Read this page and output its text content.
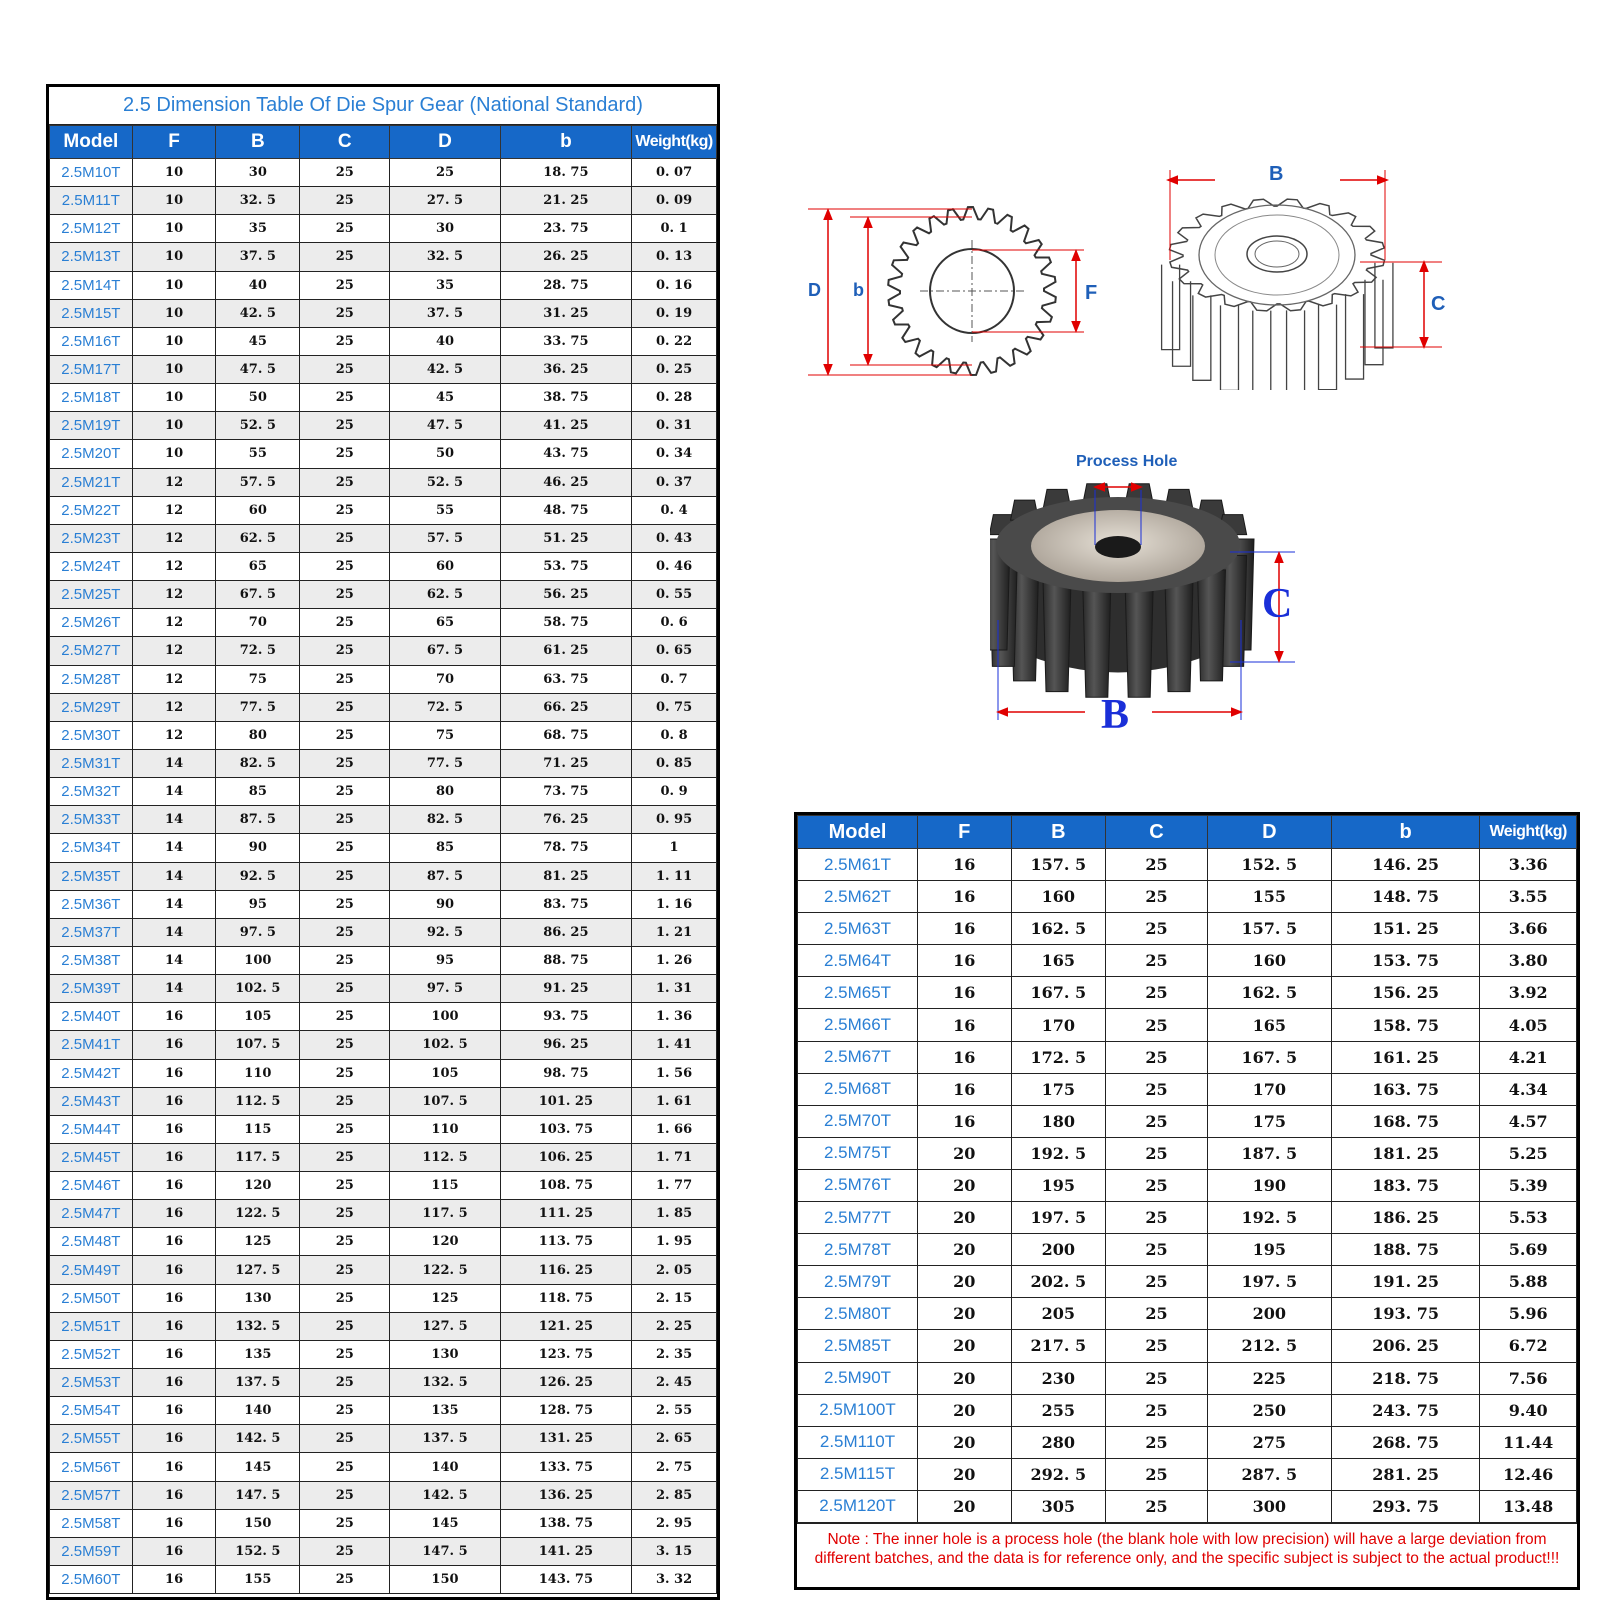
2.5 Dimension Table Of Die Spur Gear (National Standard)
Model	F	B	C	D	b	Weight(kg)
2.5M10T	10	30	25	25	18. 75	0. 07
2.5M11T	10	32. 5	25	27. 5	21. 25	0. 09
2.5M12T	10	35	25	30	23. 75	0. 1
2.5M13T	10	37. 5	25	32. 5	26. 25	0. 13
2.5M14T	10	40	25	35	28. 75	0. 16
2.5M15T	10	42. 5	25	37. 5	31. 25	0. 19
2.5M16T	10	45	25	40	33. 75	0. 22
2.5M17T	10	47. 5	25	42. 5	36. 25	0. 25
2.5M18T	10	50	25	45	38. 75	0. 28
2.5M19T	10	52. 5	25	47. 5	41. 25	0. 31
2.5M20T	10	55	25	50	43. 75	0. 34
2.5M21T	12	57. 5	25	52. 5	46. 25	0. 37
2.5M22T	12	60	25	55	48. 75	0. 4
2.5M23T	12	62. 5	25	57. 5	51. 25	0. 43
2.5M24T	12	65	25	60	53. 75	0. 46
2.5M25T	12	67. 5	25	62. 5	56. 25	0. 55
2.5M26T	12	70	25	65	58. 75	0. 6
2.5M27T	12	72. 5	25	67. 5	61. 25	0. 65
2.5M28T	12	75	25	70	63. 75	0. 7
2.5M29T	12	77. 5	25	72. 5	66. 25	0. 75
2.5M30T	12	80	25	75	68. 75	0. 8
2.5M31T	14	82. 5	25	77. 5	71. 25	0. 85
2.5M32T	14	85	25	80	73. 75	0. 9
2.5M33T	14	87. 5	25	82. 5	76. 25	0. 95
2.5M34T	14	90	25	85	78. 75	1
2.5M35T	14	92. 5	25	87. 5	81. 25	1. 11
2.5M36T	14	95	25	90	83. 75	1. 16
2.5M37T	14	97. 5	25	92. 5	86. 25	1. 21
2.5M38T	14	100	25	95	88. 75	1. 26
2.5M39T	14	102. 5	25	97. 5	91. 25	1. 31
2.5M40T	16	105	25	100	93. 75	1. 36
2.5M41T	16	107. 5	25	102. 5	96. 25	1. 41
2.5M42T	16	110	25	105	98. 75	1. 56
2.5M43T	16	112. 5	25	107. 5	101. 25	1. 61
2.5M44T	16	115	25	110	103. 75	1. 66
2.5M45T	16	117. 5	25	112. 5	106. 25	1. 71
2.5M46T	16	120	25	115	108. 75	1. 77
2.5M47T	16	122. 5	25	117. 5	111. 25	1. 85
2.5M48T	16	125	25	120	113. 75	1. 95
2.5M49T	16	127. 5	25	122. 5	116. 25	2. 05
2.5M50T	16	130	25	125	118. 75	2. 15
2.5M51T	16	132. 5	25	127. 5	121. 25	2. 25
2.5M52T	16	135	25	130	123. 75	2. 35
2.5M53T	16	137. 5	25	132. 5	126. 25	2. 45
2.5M54T	16	140	25	135	128. 75	2. 55
2.5M55T	16	142. 5	25	137. 5	131. 25	2. 65
2.5M56T	16	145	25	140	133. 75	2. 75
2.5M57T	16	147. 5	25	142. 5	136. 25	2. 85
2.5M58T	16	150	25	145	138. 75	2. 95
2.5M59T	16	152. 5	25	147. 5	141. 25	3. 15
2.5M60T	16	155	25	150	143. 75	3. 32
D b	F
B
C
Process Hole
C
B
Model	F	B	C	D	b	Weight(kg)
2.5M61T	16	157. 5	25	152. 5	146. 25	3.36
2.5M62T	16	160	25	155	148. 75	3.55
2.5M63T	16	162. 5	25	157. 5	151. 25	3.66
2.5M64T	16	165	25	160	153. 75	3.80
2.5M65T	16	167. 5	25	162. 5	156. 25	3.92
2.5M66T	16	170	25	165	158. 75	4.05
2.5M67T	16	172. 5	25	167. 5	161. 25	4.21
2.5M68T	16	175	25	170	163. 75	4.34
2.5M70T	16	180	25	175	168. 75	4.57
2.5M75T	20	192. 5	25	187. 5	181. 25	5.25
2.5M76T	20	195	25	190	183. 75	5.39
2.5M77T	20	197. 5	25	192. 5	186. 25	5.53
2.5M78T	20	200	25	195	188. 75	5.69
2.5M79T	20	202. 5	25	197. 5	191. 25	5.88
2.5M80T	20	205	25	200	193. 75	5.96
2.5M85T	20	217. 5	25	212. 5	206. 25	6.72
2.5M90T	20	230	25	225	218. 75	7.56
2.5M100T	20	255	25	250	243. 75	9.40
2.5M110T	20	280	25	275	268. 75	11.44
2.5M115T	20	292. 5	25	287. 5	281. 25	12.46
2.5M120T	20	305	25	300	293. 75	13.48
Note : The inner hole is a process hole (the blank hole with low precision) will have a large deviation from different batches, and the data is for reference only, and the specific subject is subject to the actual product!!!
